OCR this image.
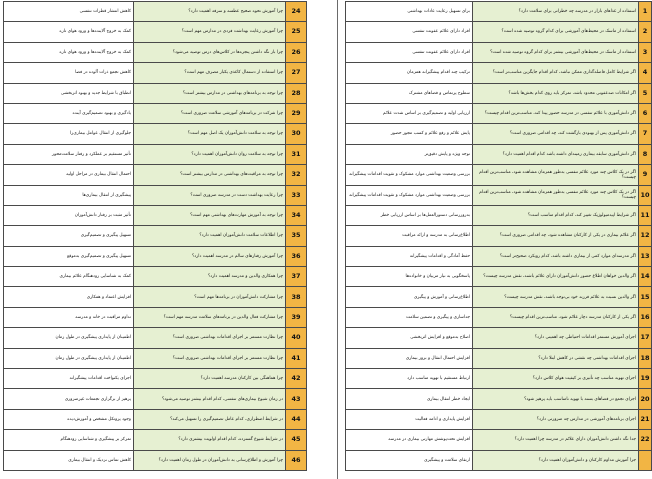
1	استفاده از غذاهای بازار در مدرسه چه خطراتی برای سلامت دارد؟	برای تسهیل رعایت عادات بهداشتی
2	استفاده از ماسک در محیط‌های آموزشی برای کدام گروه توصیه شده است؟	افراد دارای علائم عفونت تنفسی
3	استفاده از ماسک در محیط‌های آموزشی بیشتر برای کدام گروه توصیه شده است؟	افراد دارای علائم عفونت تنفسی
4	اگر شرایط کامل فاصله‌گذاری ممکن نباشد، کدام اقدام جایگزین مناسب‌تر است؟	ترکیب چند اقدام پیشگیرانه همزمان
5	اگر امکانات ضدعفونی محدود باشد، تمرکز باید روی کدام بخش‌ها باشد؟	سطوح پرتماس و فضاهای مشترک
6	اگر دانش‌آموزی با علائم تنفسی در مدرسه حضور پیدا کند، مناسب‌ترین اقدام چیست؟	ارزیابی اولیه و تصمیم‌گیری بر اساس شدت علائم
7	اگر دانش‌آموزی پس از بهبودی بازگشت کند، چه اقدامی ضروری است؟	پایش علائم و رفع علائم و کسب مجوز حضور
8	اگر دانش‌آموزی سابقه بیماری زمینه‌ای داشته باشد کدام اقدام اهمیت دارد؟	توجه ویژه و پایش دقیق‌تر
9	اگر در یک کلاس چند مورد علائم تنفسی به‌طور همزمان مشاهده شود، مناسب‌ترین اقدام چیست؟	بررسی وضعیت بهداشتی موارد مشکوک و تقویت اقدامات پیشگیرانه
10	اگر در یک کلاس چند مورد علائم تنفسی به‌طور همزمان مشاهده شود، مناسب‌ترین اقدام چیست؟	بررسی وضعیت بهداشتی موارد مشکوک و تقویت اقدامات پیشگیرانه
11	اگر شرایط اپیدمیولوژیک تغییر کند، کدام اقدام مناسب است؟	به‌روزرسانی دستورالعمل‌ها بر اساس ارزیابی خطر
12	اگر علائم بیماری در یکی از کارکنان مشاهده شود، چه اقدامی ضروری است؟	اطلاع‌رسانی به مدرسه و ارائه مراقبت
13	اگر مدرسه‌ای موارد کمی از بیماری داشته باشد، کدام رویکرد صحیح‌تر است؟	حفظ آمادگی و اقدامات پیشگیرانه
14	اگر والدین خواهان اطلاع حضور دانش‌آموزان دارای علائم باشند، نقش مدرسه چیست؟	پاسخگویی به نیاز مربیان و خانواده‌ها
15	اگر والدین نسبت به علائم فرزند خود بی‌توجه باشند، نقش مدرسه چیست؟	اطلاع‌رسانی و آموزش و پیگیری
16	اگر یکی از کارکنان مدرسه دچار علائم شود، مناسب‌ترین اقدام چیست؟	جداسازی و پیگیری و تضمین سلامت
17	اجرای آموزش مستمر اقدامات احتیاطی چه اهمیتی دارد؟	اصلاح به‌موقع و افزایش اثربخشی
18	اجرای اقدامات بهداشتی چه نقشی در کاهش ابتلا دارد؟	افزایش احتمال انتقال و بروز بیماری
19	اجرای تهویه مناسب چه تأثیری بر کیفیت هوای کلاس دارد؟	ارتباط مستقیم با تهویه مناسب دارد
20	اجرای تجمع در فضاهای بسته با تهویه نامناسب باید پرهیز شود؟	ایجاد خطر انتقال بیماری
21	اجرای برنامه‌های آموزشی در مدارس چه ضرورتی دارد؟	افزایش پایداری و ادامه فعالیت
22	جدا نگه داشتن دانش‌آموزان دارای علائم در مدرسه چرا اهمیت دارد؟	افزایش تحت‌پوشش مهارتی بیماری در مدرسه
	جرا آموزش مداوم کارکنان و دانش‌آموزان اهمیت دارد؟	ارتقای سلامت و پیشگیری
24	چرا آموزش نحوه صحیح عطسه و سرفه اهمیت دارد؟	کاهش انتشار قطرات تنفسی
25	چرا آموزش رعایت بهداشت فردی در مدارس مهم است؟	کمک به خروج آلاینده‌ها و ورود هوای تازه
26	چرا باز نگه داشتن پنجره‌ها در کلاس‌های درس توصیه می‌شود؟	کمک به خروج آلاینده‌ها و ورود هوای تازه
27	چرا استفاده از دستمال کاغذی یکبار مصرف مهم است؟	کاهش تجمع ذرات آلوده در فضا
28	چرا توجه به برنامه‌های بهداشتی در مدارس بیشتر است؟	انطباق با شرایط جدید و بهبود اثربخشی
29	چرا شرکت در برنامه‌های آموزشی سلامت ضروری است؟	یادگیری و بهبود تصمیم‌گیری آینده
30	چرا توجه به سلامت دانش‌آموزان یک اصل مهم است؟	جلوگیری از انتقال عوامل بیماری‌زا
31	چرا توجه به سلامت روان دانش‌آموزان اهمیت دارد؟	تأثیر مستقیم بر عملکرد و رفتار سلامت‌محور
32	چرا توجه به مراقبت‌های بهداشتی در مدارس بیشتر است؟	احتمال انتقال بیماری در مراحل اولیه
33	چرا رعایت بهداشت دست در مدرسه ضروری است؟	پیشگیری از انتقال بیماری‌ها
34	چرا توجه به آموزش مهارت‌های بهداشتی مهم است؟	تأثیر مثبت بر رفتار دانش‌آموزان
35	چرا اطلاعات سلامت دانش‌آموزان اهمیت دارد؟	تسهیل پیگیری و تصمیم‌گیری
36	چرا آموزش رفتارهای سالم در مدرسه اهمیت دارد؟	تسهیل پیگیری و تصمیم‌گیری به‌موقع
37	چرا همکاری والدین و مدرسه اهمیت دارد؟	کمک به شناسایی زودهنگام علائم بیماری
38	چرا مشارکت دانش‌آموزان در برنامه‌ها مهم است؟	افزایش اعتماد و همکاری
39	چرا مشارکت فعال والدین در برنامه‌های سلامت مدرسه مهم است؟	تداوم مراقبت در خانه و مدرسه
40	چرا نظارت مستمر بر اجرای اقدامات بهداشتی ضروری است؟	اطمینان از پایداری پیشگیری در طول زمان
41	چرا نظارت مستمر بر اجرای اقدامات بهداشتی ضروری است؟	اطمینان از پایداری پیشگیری در طول زمان
42	چرا هماهنگی بین کارکنان مدرسه اهمیت دارد؟	اجرای یکنواخت اقدامات پیشگیرانه
43	در زمان شیوع بیماری‌های تنفسی، کدام اقدام بیشتر توصیه می‌شود؟	پرهیز از برگزاری تجمعات غیرضروری
44	در شرایط اضطراری، کدام عامل تصمیم‌گیری را تسهیل می‌کند؟	وجود پروتکل مشخص و آموزش‌دیده
45	در شرایط شیوع گسترده، کدام اقدام اولویت بیشتری دارد؟	تمرکز بر پیشگیری و شناسایی زودهنگام
46	چرا آموزش و اطلاع‌رسانی به دانش‌آموزان در طول زمان اهمیت دارد؟	کاهش تماس نزدیک و انتقال بیماری
